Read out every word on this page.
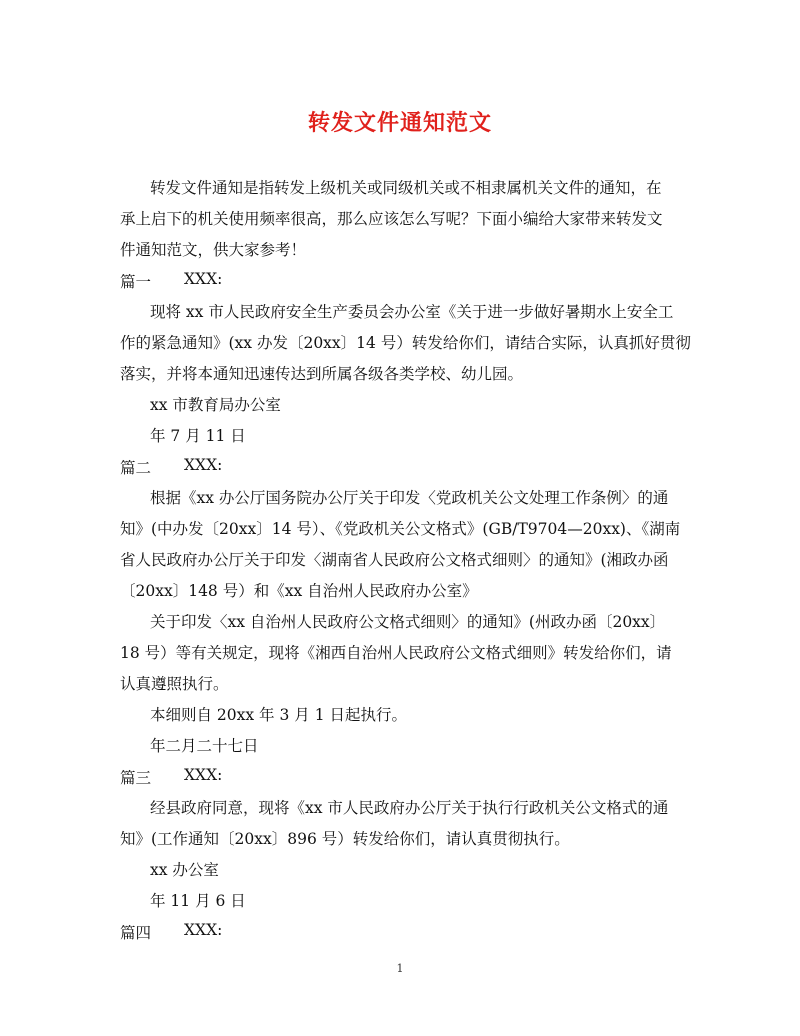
转发文件通知范文
转发文件通知是指转发上级机关或同级机关或不相隶属机关文件的通知，在
承上启下的机关使用频率很高，那么应该怎么写呢？下面小编给大家带来转发文
件通知范文，供大家参考！
篇一 XXX:
现将 xx 市人民政府安全生产委员会办公室《关于进一步做好暑期水上安全工
作的紧急通知》(xx 办发〔20xx〕14 号）转发给你们，请结合实际，认真抓好贯彻
落实，并将本通知迅速传达到所属各级各类学校、幼儿园。
xx 市教育局办公室
年 7 月 11 日
篇二 XXX:
根据《xx 办公厅国务院办公厅关于印发〈党政机关公文处理工作条例〉的通
知》(中办发〔20xx〕14 号）、《党政机关公文格式》(GB/T9704—20xx)、《湖南
省人民政府办公厅关于印发〈湖南省人民政府公文格式细则〉的通知》(湘政办函
〔20xx〕148 号）和《xx 自治州人民政府办公室》
关于印发〈xx 自治州人民政府公文格式细则〉的通知》(州政办函〔20xx〕
18 号）等有关规定，现将《湘西自治州人民政府公文格式细则》转发给你们，请
认真遵照执行。
本细则自 20xx 年 3 月 1 日起执行。
年二月二十七日
篇三 XXX:
经县政府同意，现将《xx 市人民政府办公厅关于执行行政机关公文格式的通
知》(工作通知〔20xx〕896 号）转发给你们，请认真贯彻执行。
xx 办公室
年 11 月 6 日
篇四 XXX:
1
